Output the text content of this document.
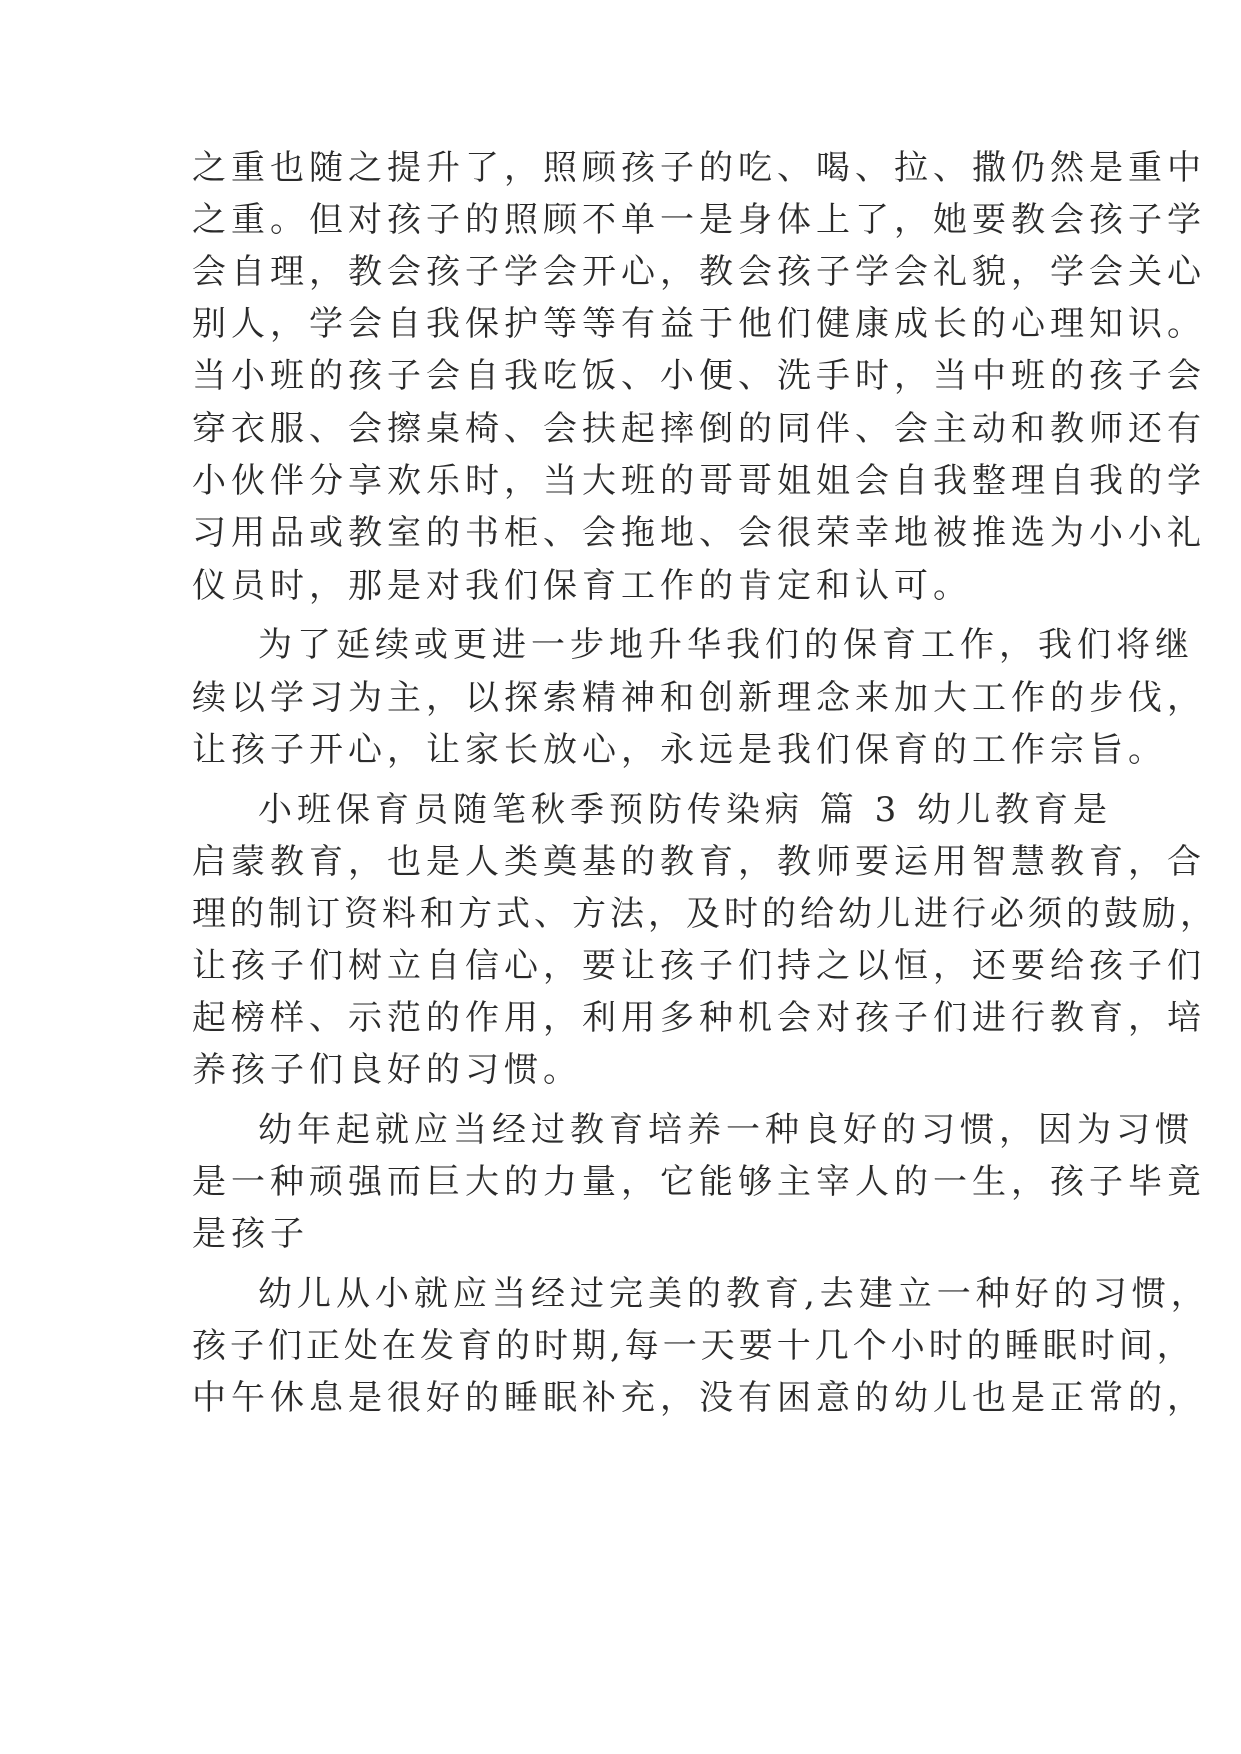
之重也随之提升了，照顾孩子的吃、喝、拉、撒仍然是重中
之重。但对孩子的照顾不单一是身体上了，她要教会孩子学
会自理，教会孩子学会开心，教会孩子学会礼貌，学会关心
别人，学会自我保护等等有益于他们健康成长的心理知识。
当小班的孩子会自我吃饭、小便、洗手时，当中班的孩子会
穿衣服、会擦桌椅、会扶起摔倒的同伴、会主动和教师还有
小伙伴分享欢乐时，当大班的哥哥姐姐会自我整理自我的学
习用品或教室的书柜、会拖地、会很荣幸地被推选为小小礼
仪员时，那是对我们保育工作的肯定和认可。
为了延续或更进一步地升华我们的保育工作，我们将继
续以学习为主，以探索精神和创新理念来加大工作的步伐，
让孩子开心，让家长放心，永远是我们保育的工作宗旨。
小班保育员随笔秋季预防传染病 篇 3 幼儿教育是
启蒙教育，也是人类奠基的教育，教师要运用智慧教育，合
理的制订资料和方式、方法，及时的给幼儿进行必须的鼓励，
让孩子们树立自信心，要让孩子们持之以恒，还要给孩子们
起榜样、示范的作用，利用多种机会对孩子们进行教育，培
养孩子们良好的习惯。
幼年起就应当经过教育培养一种良好的习惯，因为习惯
是一种顽强而巨大的力量，它能够主宰人的一生，孩子毕竟
是孩子
幼儿从小就应当经过完美的教育,去建立一种好的习惯，
孩子们正处在发育的时期,每一天要十几个小时的睡眠时间，
中午休息是很好的睡眠补充，没有困意的幼儿也是正常的，
